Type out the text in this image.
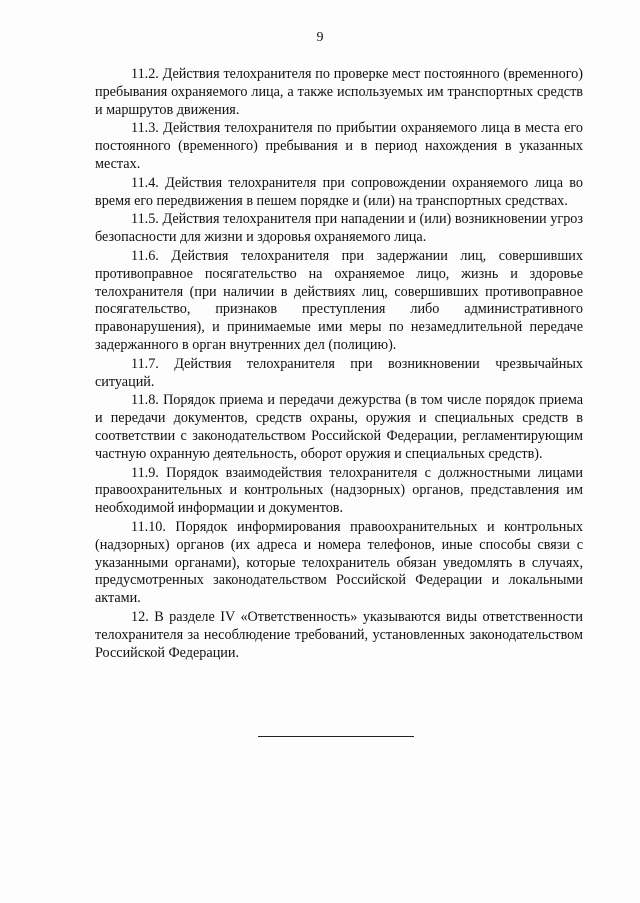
9

11.2. Действия телохранителя по проверке мест постоянного (временного) пребывания охраняемого лица, а также используемых им транспортных средств и маршрутов движения.

11.3. Действия телохранителя по прибытии охраняемого лица в места его постоянного (временного) пребывания и в период нахождения в указанных местах.

11.4. Действия телохранителя при сопровождении охраняемого лица во время его передвижения в пешем порядке и (или) на транспортных средствах.

11.5. Действия телохранителя при нападении и (или) возникновении угроз безопасности для жизни и здоровья охраняемого лица.

11.6. Действия телохранителя при задержании лиц, совершивших противоправное посягательство на охраняемое лицо, жизнь и здоровье телохранителя (при наличии в действиях лиц, совершивших противоправное посягательство, признаков преступления либо административного правонарушения), и принимаемые ими меры по незамедлительной передаче задержанного в орган внутренних дел (полицию).

11.7. Действия телохранителя при возникновении чрезвычайных ситуаций.

11.8. Порядок приема и передачи дежурства (в том числе порядок приема и передачи документов, средств охраны, оружия и специальных средств в соответствии с законодательством Российской Федерации, регламентирующим частную охранную деятельность, оборот оружия и специальных средств).

11.9. Порядок взаимодействия телохранителя с должностными лицами правоохранительных и контрольных (надзорных) органов, представления им необходимой информации и документов.

11.10. Порядок информирования правоохранительных и контрольных (надзорных) органов (их адреса и номера телефонов, иные способы связи с указанными органами), которые телохранитель обязан уведомлять в случаях, предусмотренных законодательством Российской Федерации и локальными актами.

12. В разделе IV «Ответственность» указываются виды ответственности телохранителя за несоблюдение требований, установленных законодательством Российской Федерации.
